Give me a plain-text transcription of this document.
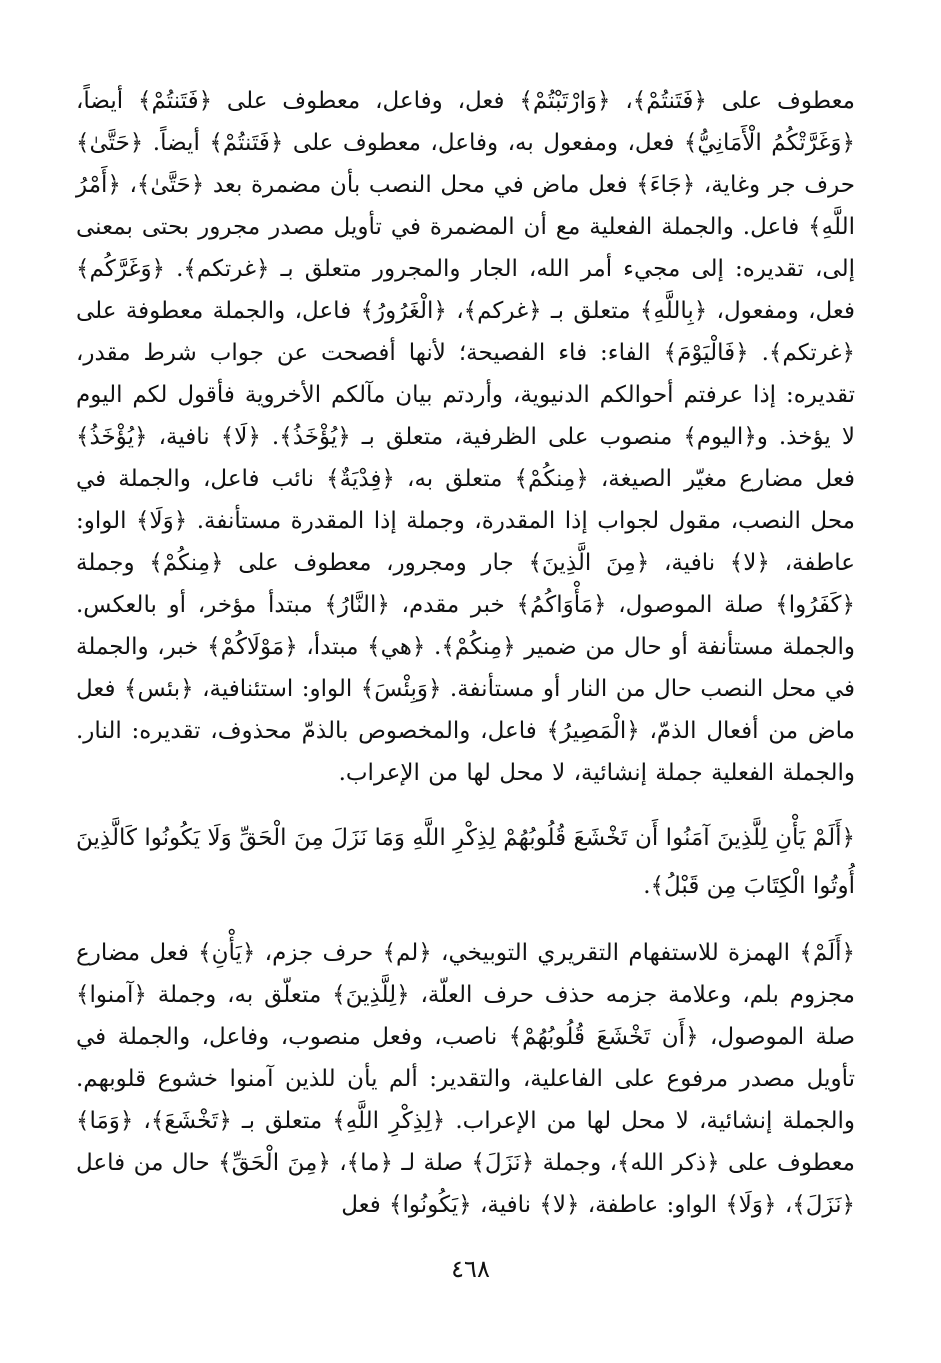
معطوف على ﴿فَتَنتُمْ﴾، ﴿وَارْتَبْتُمْ﴾ فعل، وفاعل، معطوف على ﴿فَتَنتُمْ﴾ أيضاً، ﴿وَغَرَّتْكُمُ الْأَمَانِيُّ﴾ فعل، ومفعول به، وفاعل، معطوف على ﴿فَتَنتُمْ﴾ أيضاً. ﴿حَتَّىٰ﴾ حرف جر وغاية، ﴿جَاءَ﴾ فعل ماض في محل النصب بأن مضمرة بعد ﴿حَتَّىٰ﴾، ﴿أَمْرُ اللَّهِ﴾ فاعل. والجملة الفعلية مع أن المضمرة في تأويل مصدر مجرور بحتى بمعنى إلى، تقديره: إلى مجيء أمر الله، الجار والمجرور متعلق بـ ﴿غرتكم﴾. ﴿وَغَرَّكُم﴾ فعل، ومفعول، ﴿بِاللَّهِ﴾ متعلق بـ ﴿غركم﴾، ﴿الْغَرُورُ﴾ فاعل، والجملة معطوفة على ﴿غرتكم﴾. ﴿فَالْيَوْمَ﴾ الفاء: فاء الفصيحة؛ لأنها أفصحت عن جواب شرط مقدر، تقديره: إذا عرفتم أحوالكم الدنيوية، وأردتم بيان مآلكم الأخروية فأقول لكم اليوم لا يؤخذ. و﴿اليوم﴾ منصوب على الظرفية، متعلق بـ ﴿يُؤْخَذُ﴾. ﴿لَا﴾ نافية، ﴿يُؤْخَذُ﴾ فعل مضارع مغيّر الصيغة، ﴿مِنكُمْ﴾ متعلق به، ﴿فِدْيَةٌ﴾ نائب فاعل، والجملة في محل النصب، مقول لجواب إذا المقدرة، وجملة إذا المقدرة مستأنفة. ﴿وَلَا﴾ الواو: عاطفة، ﴿لا﴾ نافية، ﴿مِنَ الَّذِينَ﴾ جار ومجرور، معطوف على ﴿مِنكُمْ﴾ وجملة ﴿كَفَرُوا﴾ صلة الموصول، ﴿مَأْوَاكُمُ﴾ خبر مقدم، ﴿النَّارُ﴾ مبتدأ مؤخر، أو بالعكس. والجملة مستأنفة أو حال من ضمير ﴿مِنكُمْ﴾. ﴿هي﴾ مبتدأ، ﴿مَوْلَاكُمْ﴾ خبر، والجملة في محل النصب حال من النار أو مستأنفة. ﴿وَبِئْسَ﴾ الواو: استئنافية، ﴿بئس﴾ فعل ماض من أفعال الذمّ، ﴿الْمَصِيرُ﴾ فاعل، والمخصوص بالذمّ محذوف، تقديره: النار. والجملة الفعلية جملة إنشائية، لا محل لها من الإعراب.

﴿أَلَمْ يَأْنِ لِلَّذِينَ آمَنُوا أَن تَخْشَعَ قُلُوبُهُمْ لِذِكْرِ اللَّهِ وَمَا نَزَلَ مِنَ الْحَقِّ وَلَا يَكُونُوا كَالَّذِينَ أُوتُوا الْكِتَابَ مِن قَبْلُ﴾.

﴿أَلَمْ﴾ الهمزة للاستفهام التقريري التوبيخي، ﴿لم﴾ حرف جزم، ﴿يَأْنِ﴾ فعل مضارع مجزوم بلم، وعلامة جزمه حذف حرف العلّة، ﴿لِلَّذِينَ﴾ متعلّق به، وجملة ﴿آمنوا﴾ صلة الموصول، ﴿أَن تَخْشَعَ قُلُوبُهُمْ﴾ ناصب، وفعل منصوب، وفاعل، والجملة في تأويل مصدر مرفوع على الفاعلية، والتقدير: ألم يأن للذين آمنوا خشوع قلوبهم. والجملة إنشائية، لا محل لها من الإعراب. ﴿لِذِكْرِ اللَّهِ﴾ متعلق بـ ﴿تَخْشَعَ﴾، ﴿وَمَا﴾ معطوف على ﴿ذكر الله﴾، وجملة ﴿نَزَلَ﴾ صلة لـ ﴿ما﴾، ﴿مِنَ الْحَقِّ﴾ حال من فاعل ﴿نَزَلَ﴾، ﴿وَلَا﴾ الواو: عاطفة، ﴿لا﴾ نافية، ﴿يَكُونُوا﴾ فعل

٤٦٨
